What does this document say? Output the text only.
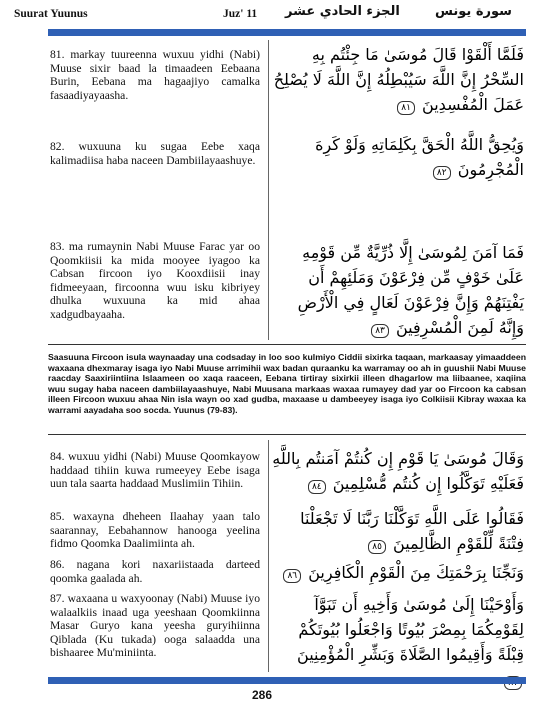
Suurat Yuunus	Juz' 11 الجزء الحادي عشر	سورة يونس
81. markay tuureenna wuxuu yidhi (Nabi) Muuse sixir baad la timaadeen Eebaana Burin, Eebana ma hagaajiyo camalka fasaadiyayaasha.
فَلَمَّا أَلْقَوْا قَالَ مُوسَىٰ مَا جِئْتُم بِهِ السِّحْرُ إِنَّ اللَّهَ سَيُبْطِلُهُ إِنَّ اللَّهَ لَا يُصْلِحُ عَمَلَ الْمُفْسِدِينَ ٨١
82. wuxuuna ku sugaa Eebe xaqa kalimadiisa haba naceen Dambiilayaashuye.
وَيُحِقُّ اللَّهُ الْحَقَّ بِكَلِمَاتِهِ وَلَوْ كَرِهَ الْمُجْرِمُونَ ٨٢
83. ma rumaynin Nabi Muuse Farac yar oo Qoomkiisii ka mida mooyee iyagoo ka Cabsan fircoon iyo Kooxdiisii inay fidmeeyaan, fircoonna wuu isku kibriyey dhulka wuxuuna ka mid ahaa xadgudbayaaha.
فَمَا آمَنَ لِمُوسَىٰ إِلَّا ذُرِّيَّةٌ مِّن قَوْمِهِ عَلَىٰ خَوْفٍ مِّن فِرْعَوْنَ وَمَلَئِهِمْ أَن يَفْتِنَهُمْ وَإِنَّ فِرْعَوْنَ لَعَالٍ فِي الْأَرْضِ وَإِنَّهُ لَمِنَ الْمُسْرِفِينَ ٨٣
Saasuuna Fircoon isula waynaaday una codsaday in loo soo kulmiyo Ciddii sixirka taqaan, markaasay yimaaddeen waxaana dhexmaray isaga iyo Nabi Muuse arrimihii wax badan quraanku ka warramay oo ah in guushii Nabi Muuse raacday Saaxiriintiina Islaameen oo xaqa raaceen, Eebana tirtiray sixirkii illeen dhagarlow ma liibaanee, xaqiina wuu sugay haba naceen dambiilayaashuye, Nabi Muusana markaas waxaa rumayey dad yar oo Fircoon ka cabsan illeen Fircoon wuxuu ahaa Nin isla wayn oo xad gudba, maxaase u dambeeyey isaga iyo Colkiisii Kibray waxaa ka warrami aayadaha soo socda. Yuunus (79-83).
84. wuxuu yidhi (Nabi) Muuse Qoomkayow haddaad tihiin kuwa rumeeyey Eebe isaga uun tala saarta haddaad Muslimiin Tihiin.
وَقَالَ مُوسَىٰ يَا قَوْمِ إِن كُنتُمْ آمَنتُم بِاللَّهِ فَعَلَيْهِ تَوَكَّلُوا إِن كُنتُم مُّسْلِمِينَ ٨٤
85. waxayna dheheen Ilaahay yaan talo saarannay, Eebahannow hanooga yeelina fidmo Qoomka Daalimiinta ah.
فَقَالُوا عَلَى اللَّهِ تَوَكَّلْنَا رَبَّنَا لَا تَجْعَلْنَا فِتْنَةً لِّلْقَوْمِ الظَّالِمِينَ ٨٥
86. nagana kori naxariistaada darteed qoomka gaalada ah.	وَنَجِّنَا بِرَحْمَتِكَ مِنَ الْقَوْمِ الْكَافِرِينَ ٨٦
87. waxaana u waxyoonay (Nabi) Muuse iyo walaalkiis inaad uga yeeshaan Qoomkiinna Masar Guryo kana yeesha guryihiinna Qiblada (Ku tukada) ooga salaadda una bishaaree Mu'miniinta.
وَأَوْحَيْنَا إِلَىٰ مُوسَىٰ وَأَخِيهِ أَن تَبَوَّآ لِقَوْمِكُمَا بِمِصْرَ بُيُوتًا وَاجْعَلُوا بُيُوتَكُمْ قِبْلَةً وَأَقِيمُوا الصَّلَاةَ وَبَشِّرِ الْمُؤْمِنِينَ
286
